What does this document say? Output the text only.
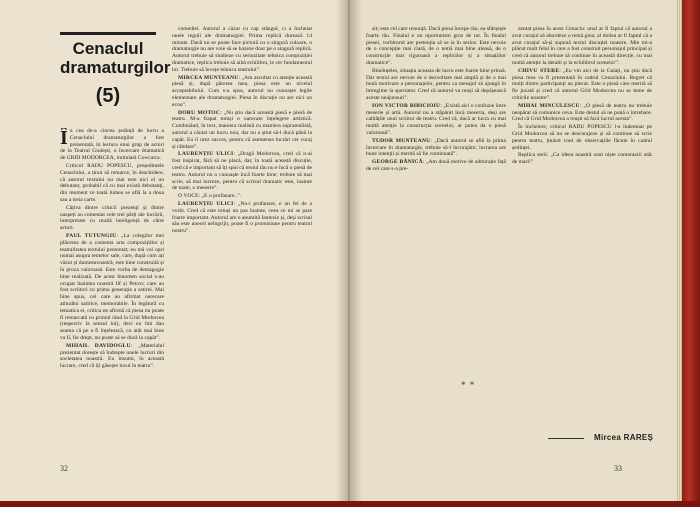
Cenaclul
dramaturgilor
(5)

În cea de-a cincea ședință de lucru a Cenaclului dramaturgilor a fost prezentată, în lectura unui grup de actori de la Teatrul Giulești, o încercare dramatică de GRID MODORCEA, intitulată Cowcarra.

Criticul RADU POPESCU, președintele Cenaclului, a ținut să remarce, în deschidere, că autorul textului nu mai este nici el un debutant, probabil că cu mai există debutanți, din moment ce toată lumea se află la a doua sau a treia carte.

Câțiva dintre criticii prezenți și dintre oaspeți au comentat cele trei părți ale lucrării, interpretate cu multă inteligență de către actori.

PAUL TUTUNGIU: „La colegilor mei plăcerea de a comenta arta compozițiilor și teatralitatea textului prezentat; eu mă voi opri numai asupra temelor sale, care, după cum ați văzut și dumneavoastră, este bine construită și în proza valoroasă. Este vorba de demagogie bine realizată. De acest fenomen social s-au ocupat înaintea noastră Ilf și Petrov, care au fost scriitori cu prima generație a satirei. Mai bine spus, cei care au afirmat oarecare atitudini satirice, memorabile. În legătură cu tematica ei, critica ne afirmă că piesa nu poate fi remarcată cu primul rând la Grid Modorcea (respectiv la sensul lui), deci eu îmi dau seama că pe a fi înțelească, cu atât mai bine va fi, fie drept, nu poate să se ducă la capăt”.

MIHAIL DAVIDOGLU: „Materialul prezentat dorește să îndrepte unele lucruri din societatea noastră. Eu însumi, în această lucrare, cred că îți găsește locul în teatru”.

comediei. Autorul a căzut cu cap stângul, ci a încheiat unele reguli ale dramaturgiei. Prima replică durează 14 minute. Dacă nu se poate face pictură cu o singură culoare, o dramaturgie nu are voie să se bazeze doar pe o singură replică. Autorul trebuie să studieze cu seriozitate tehnica compoziției dramatice, replica trebuie să aibă echilibru, le cer fundamentul lor. Trebuie să învețe tehnica teatrului”.

MIRCEA MUNTEANU: „Am ascultat cu atenție această piesă și, după părerea mea, piesa este un nivelul acceptabilului. Cum s-a spus, autorul nu cunoaște legile elementare ale dramaturgiei. Piesa în discuție nu are nici un ecou”.

DORU MOTOC: „Nu știu dacă această piesă e piesă de teatru. M-a frapat totuși o oarecare înțelegere artistică. Combinând, în text, maniera realistă cu maniera suprarealistă, autorul a căutat un lucru nou, dar nu a știut să-l ducă până la capăt. Eu îi urez succes, pentru că asemenea lucrări cer curaj și răbdare”.

LAURENȚIU ULICI: „Dragă Modorcea, cred că n-ai fost inspirat, fără să ne placă, dar, în toată această discuție, cred că e important să îți spui că textul tău nu e încă o piesă de teatru. Autorul nu o cunoaște încă foarte bine; trebuie să mai scrie, să mai lucreze, pentru că scrisul dramatic este, înainte de toate, o meserie”.

O VOCE: „E o profanare..”.

LAURENȚIU ULICI: „Nu-i profanare, e un fel de a vorbi. Cred că este totuși un pas înainte, ceea ce mi se pare foarte important. Autorul are o anumită fantezie și, deși scrisul său este uneori neîngrijit, poate fi o promisiune pentru teatrul nostru”.

32

sit; este cel care renunță. Dacă piesa începe rău, ea sfârșește foarte rău. Finalul e un oportunism gros de tot. În finalul piesei, vorbitorul are pretenția să se ia în serios. Este nevoie de o concepție mai clară, de o temă mai bine aleasă, de o construcție mai riguroasă a replicilor și a situațiilor dramatice”.

Bineînțeles, situația aceasta de lucru este foarte bine prinsă. Dar textul are nevoie de o dezvoltare mai amplă și de o mai bună motivare a personajelor, pentru ca mesajul să ajungă în întregime la spectator. Cred că autorul va reuși să depășească aceste neajunsuri”.

ION VICTOR BIBICIOIU: „Există aici o confuzie între meserie și artă. Autorul nu a stăpânit încă meseria, deși are calitățile unui scriitor de teatru. Cred că, dacă ar lucra cu mai multă atenție la construcția scenelor, ar putea da o piesă valoroasă”.

TUDOR MUNTEANU: „Dacă autorul se află la prima încercare în dramaturgie, trebuie să-l încurajăm; lucrarea are bune intenții și merită să fie continuată”.

GEORGE BĂNICĂ: „Am două motive de admirație față de cel care s-a pre-

zentat piesa în acest Cenaclu: unul ar fi faptul că autorul a avut curajul să abordeze o temă grea; al doilea ar fi faptul că a avut curajul să-și supună textul discuției noastre. Mie mi-a plăcut mult felul în care a fost construit personajul principal și cred că autorul trebuie să continue în această direcție, cu mai multă atenție la detalii și la echilibrul scenelor”.

CHIVU STERE: „Eu vin aici de la Galați, nu știu dacă piesa mea va fi prezentată în cadrul Cenaclului. Regret că mulți dintre participanți au plecat. Este o piesă care merită să fie jucată și cred că autorul Grid Modorcea nu se teme de criticile noastre”.

MIHAI MINCULESCU: „O piesă de teatru nu trebuie neapărat să comunice ceva. Este destul să ne pună o întrebare. Cred că Grid Modorcea a reușit să facă lucrul acesta”.

În încheiere, criticul RADU POPESCU l-a îndemnat pe Grid Modorcea să nu se descurajeze și să continue să scrie pentru teatru, ținând cont de observațiile făcute în cadrul ședinței.

Replica serii: „Ca ideea noastră sunt niște comentarii atât de mari!”

* *
Mircea RAREȘ
33
